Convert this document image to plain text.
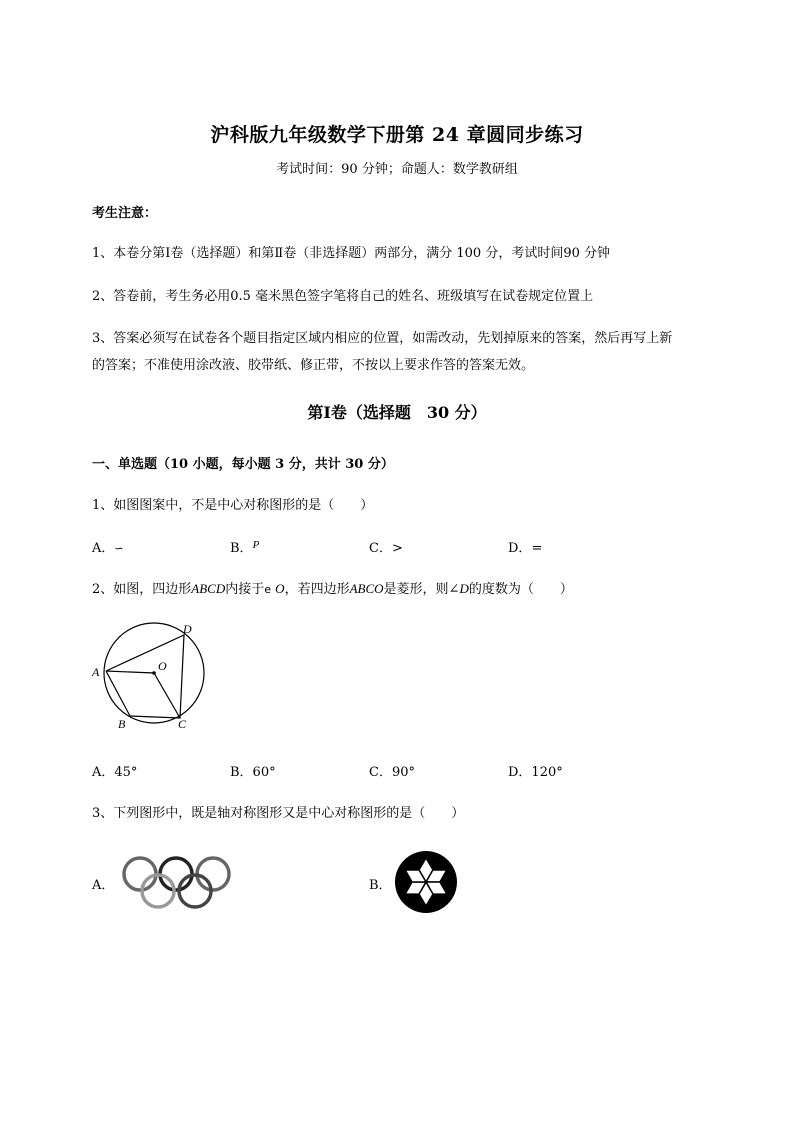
沪科版九年级数学下册第 24 章圆同步练习
考试时间：90 分钟；命题人：数学教研组
考生注意：
1、本卷分第Ⅰ卷（选择题）和第Ⅱ卷（非选择题）两部分，满分 100 分，考试时间90 分钟
2、答卷前，考生务必用0.5 毫米黑色签字笔将自己的姓名、班级填写在试卷规定位置上
3、答案必须写在试卷各个题目指定区域内相应的位置，如需改动，先划掉原来的答案，然后再写上新
的答案；不准使用涂改液、胶带纸、修正带，不按以上要求作答的答案无效。
第Ⅰ卷（选择题　30 分）
一、单选题（10 小题，每小题 3 分，共计 30 分）
1、如图图案中，不是中心对称图形的是（　　）
A．∽	B．$^P$	C．>	D．=
2、如图，四边形ABCD内接于e O，若四边形ABCO是菱形，则∠D的度数为（　　）
A
B	C
D
O
A．45°	B．60°	C．90°	D．120°
3、下列图形中，既是轴对称图形又是中心对称图形的是（　　）
A．	B．
